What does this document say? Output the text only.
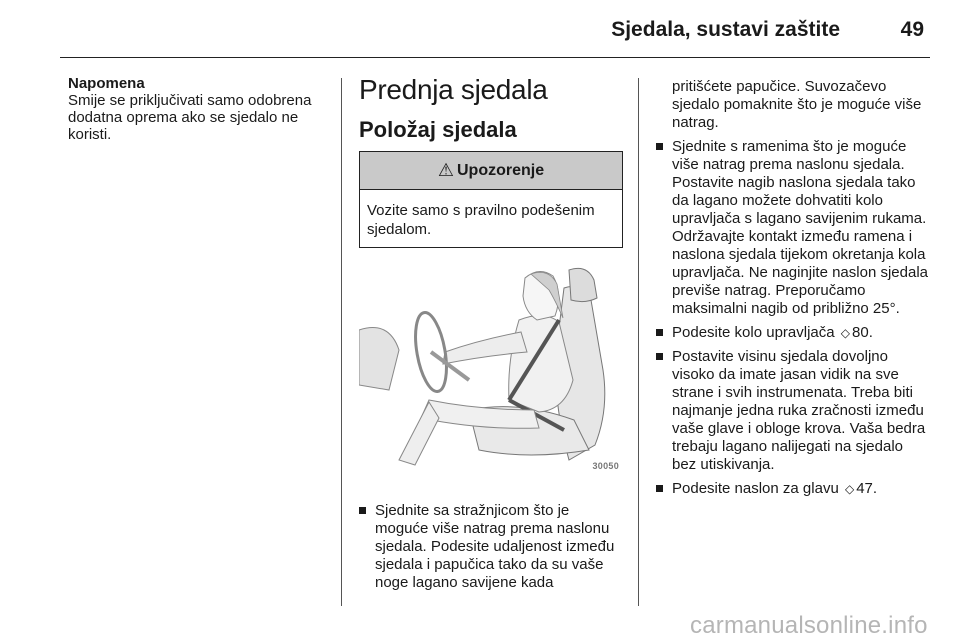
Sjedala, sustavi zaštite	49
Napomena

Smije se priključivati samo odobrena dodatna oprema ako se sjedalo ne koristi.

Prednja sjedala
Položaj sjedala
⚠ Upozorenje
Vozite samo s pravilno podešenim sjedalom.
30050
Sjednite sa stražnjicom što je moguće više natrag prema naslonu sjedala. Podesite udaljenost između sjedala i papučica tako da su vaše noge lagano savijene kada

pritišćete papučice. Suvozačevo sjedalo pomaknite što je moguće više natrag.

Sjednite s ramenima što je moguće više natrag prema naslonu sjedala. Postavite nagib naslona sjedala tako da lagano možete dohvatiti kolo upravljača s lagano savijenim rukama. Održavajte kontakt između ramena i naslona sjedala tijekom okretanja kola upravljača. Ne naginjite naslon sjedala previše natrag. Preporučamo maksimalni nagib od približno 25°.
Podesite kolo upravljača ◇ 80.
Postavite visinu sjedala dovoljno visoko da imate jasan vidik na sve strane i svih instrumenata. Treba biti najmanje jedna ruka zračnosti između vaše glave i obloge krova. Vaša bedra trebaju lagano nalijegati na sjedalo bez utiskivanja.
Podesite naslon za glavu ◇ 47.
carmanualsonline.info
